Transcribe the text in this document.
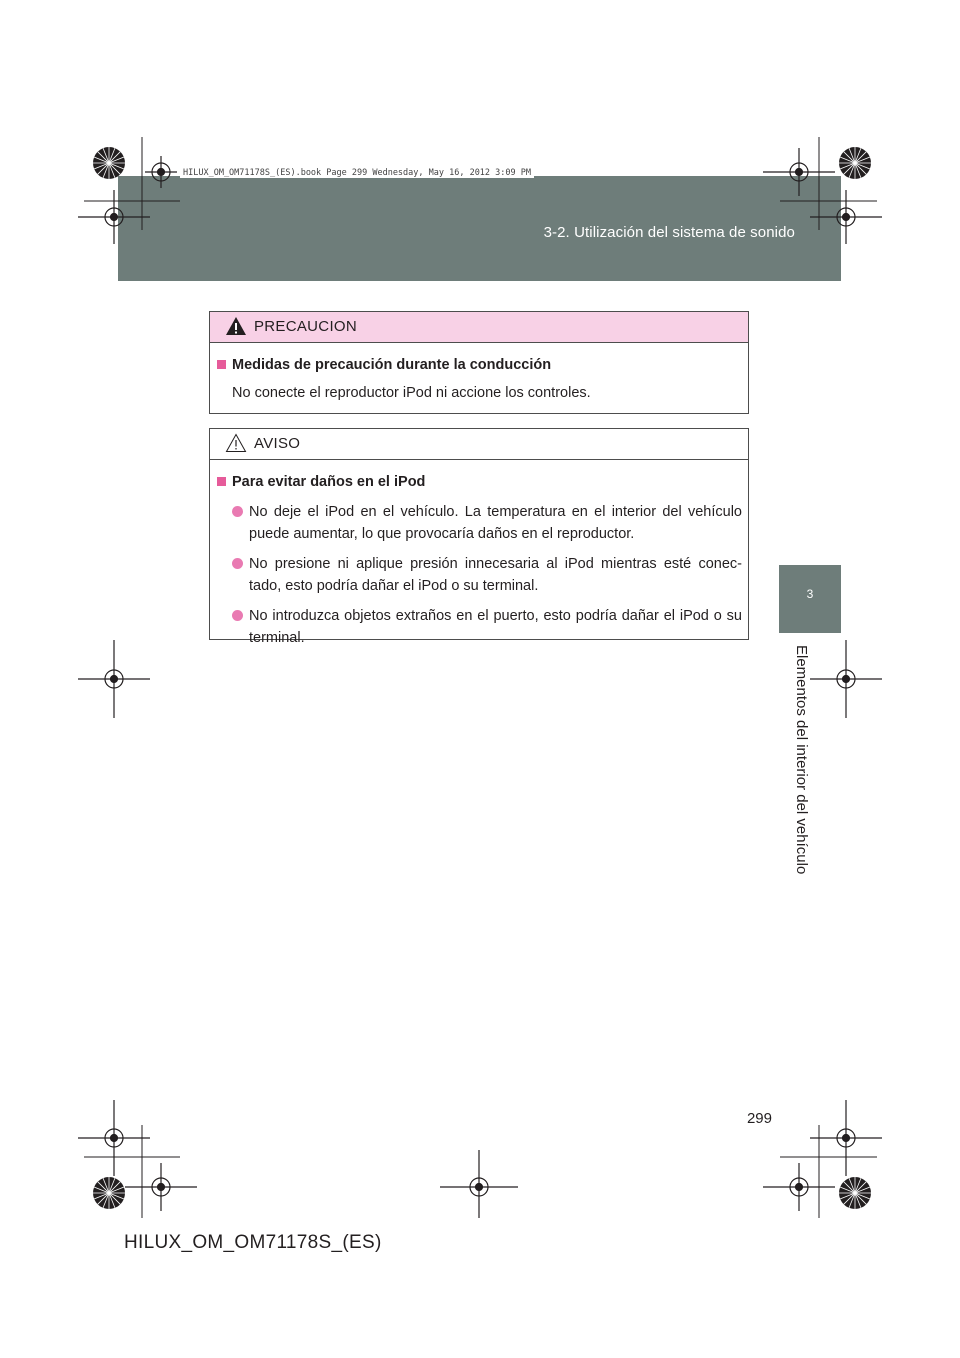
3-2. Utilización del sistema de sonido
HILUX_OM_OM71178S_(ES).book Page 299 Wednesday, May 16, 2012 3:09 PM
3
Elementos del interior del vehículo
PRECAUCION
Medidas de precaución durante la conducción
No conecte el reproductor iPod ni accione los controles.
AVISO
Para evitar daños en el iPod
No deje el iPod en el vehículo. La temperatura en el interior del vehículo puede aumentar, lo que provocaría daños en el reproductor.
No presione ni aplique presión innecesaria al iPod mientras esté conec-tado, esto podría dañar el iPod o su terminal.
No introduzca objetos extraños en el puerto, esto podría dañar el iPod o su terminal.
299
HILUX_OM_OM71178S_(ES)
